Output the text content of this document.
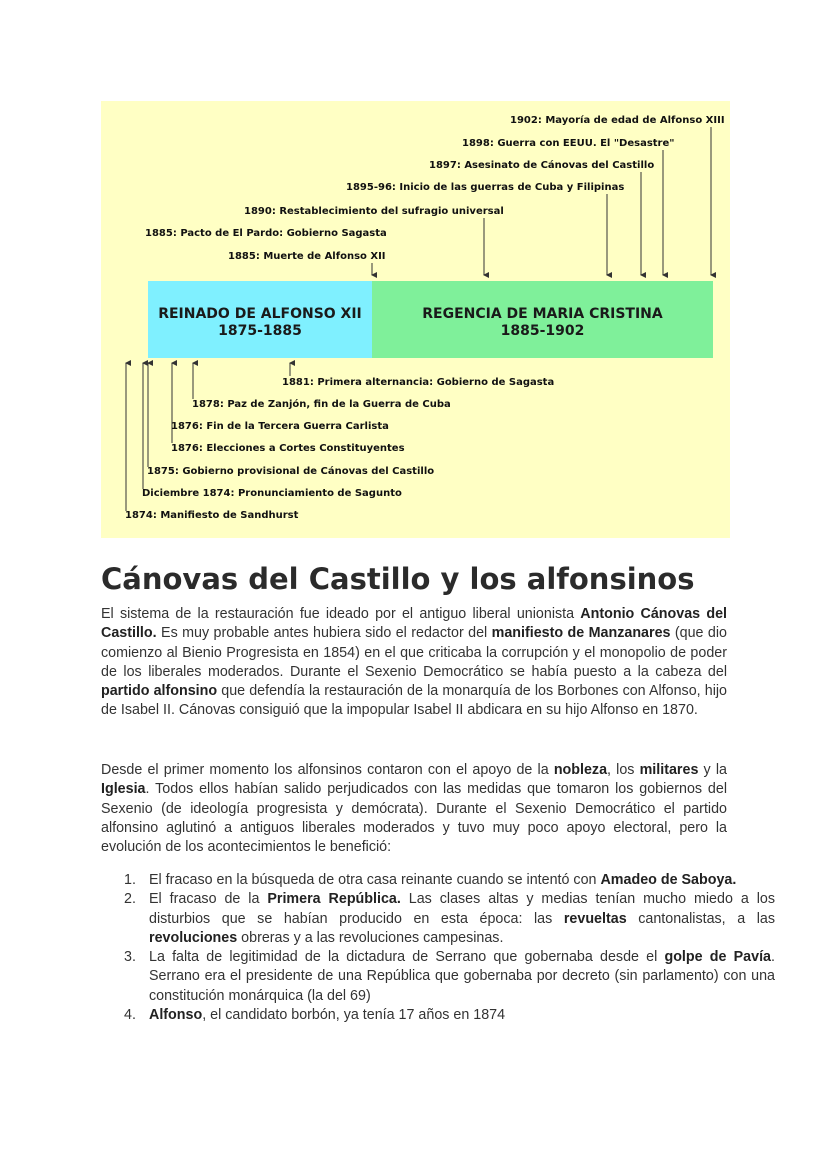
REINADO DE ALFONSO XII
1875-1885
REGENCIA DE MARIA CRISTINA
1885-1902
1902: Mayoría de edad de Alfonso XIII
1898: Guerra con EEUU. El "Desastre"
1897: Asesinato de Cánovas del Castillo
1895-96: Inicio de las guerras de Cuba y Filipinas
1890: Restablecimiento del sufragio universal
1885: Pacto de El Pardo: Gobierno Sagasta
1885: Muerte de Alfonso XII
1881: Primera alternancia: Gobierno de Sagasta
1878: Paz de Zanjón, fin de la Guerra de Cuba
1876: Fin de la Tercera Guerra Carlista
1876: Elecciones a Cortes Constituyentes
1875: Gobierno provisional de Cánovas del Castillo
Diciembre 1874: Pronunciamiento de Sagunto
1874: Manifiesto de Sandhurst
Cánovas del Castillo y los alfonsinos

El sistema de la restauración fue ideado por el antiguo liberal unionista Antonio Cánovas del Castillo. Es muy probable antes hubiera sido el redactor del manifiesto de Manzanares (que dio comienzo al Bienio Progresista en 1854) en el que criticaba la corrupción y el monopolio de poder de los liberales moderados. Durante el Sexenio Democrático se había puesto a la cabeza del partido alfonsino que defendía la restauración de la monarquía de los Borbones con Alfonso, hijo de Isabel II. Cánovas consiguió que la impopular Isabel II abdicara en su hijo Alfonso en 1870.

Desde el primer momento los alfonsinos contaron con el apoyo de la nobleza, los militares y la Iglesia. Todos ellos habían salido perjudicados con las medidas que tomaron los gobiernos del Sexenio (de ideología progresista y demócrata). Durante el Sexenio Democrático el partido alfonsino aglutinó a antiguos liberales moderados y tuvo muy poco apoyo electoral, pero la evolución de los acontecimientos le benefició:

1. El fracaso en la búsqueda de otra casa reinante cuando se intentó con Amadeo de Saboya.
2. El fracaso de la Primera República. Las clases altas y medias tenían mucho miedo a los disturbios que se habían producido en esta época: las revueltas cantonalistas, a las revoluciones obreras y a las revoluciones campesinas.
3. La falta de legitimidad de la dictadura de Serrano que gobernaba desde el golpe de Pavía. Serrano era el presidente de una República que gobernaba por decreto (sin parlamento) con una constitución monárquica (la del 69)
4. Alfonso, el candidato borbón, ya tenía 17 años en 1874
